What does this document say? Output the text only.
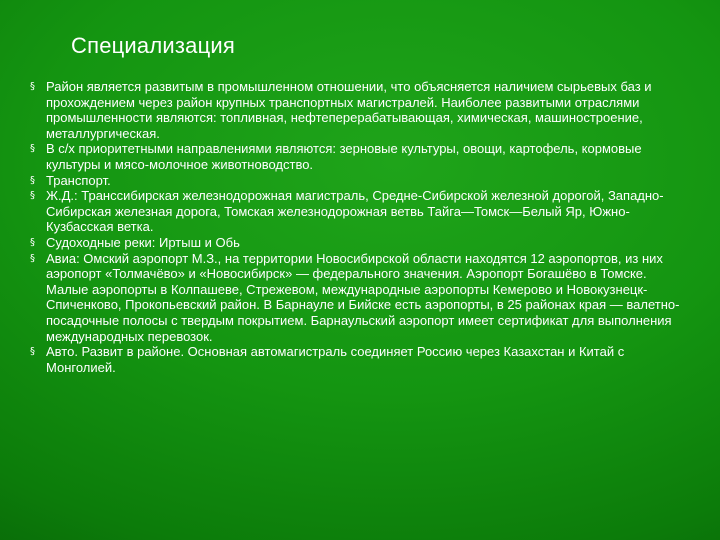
Специализация
§ Район является развитым в промышленном отношении, что объясняется наличием сырьевых баз и прохождением через район крупных транспортных магистралей. Наиболее развитыми отраслями промышленности являются: топливная, нефтеперерабатывающая, химическая, машиностроение, металлургическая.
§ В с/х приоритетными направлениями являются: зерновые культуры, овощи, картофель, кормовые культуры и мясо-молочное животноводство.
§ Транспорт.
§ Ж.Д.: Транссибирская железнодорожная магистраль, Средне-Сибирской железной дорогой, Западно-Сибирская железная дорога, Томская железнодорожная ветвь Тайга—Томск—Белый Яр, Южно-Кузбасская ветка.
§ Судоходные реки: Иртыш и Обь
§ Авиа: Омский аэропорт М.З., на территории Новосибирской области находятся 12 аэропортов, из них аэропорт «Толмачёво» и «Новосибирск» — федерального значения. Аэропорт Богашёво в Томске. Малые аэропорты в Колпашеве, Стрежевом, международные аэропорты Кемерово и Новокузнецк-Спиченково, Прокопьевский район. В Барнауле и Бийске есть аэропорты, в 25 районах края — валетно-посадочные полосы с твердым покрытием. Барнаульский аэропорт имеет сертификат для выполнения международных перевозок.
§ Авто. Развит в районе. Основная автомагистраль соединяет Россию через Казахстан и Китай с Монголией.
